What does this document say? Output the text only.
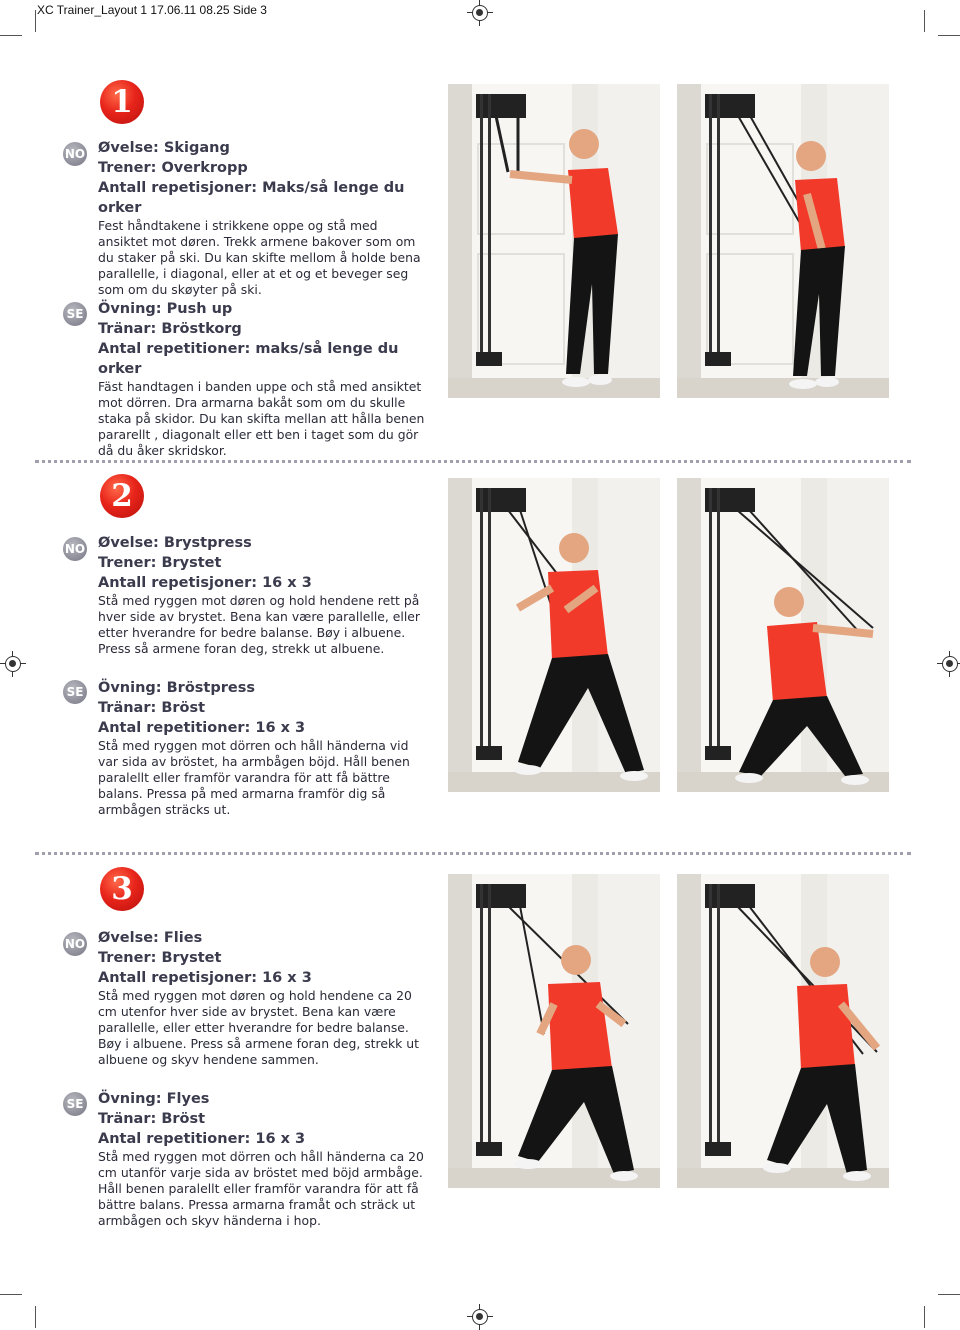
XC Trainer_Layout 1 17.06.11 08.25 Side 3
1
NO Øvelse: Skigang
Trener: Overkropp
Antall repetisjoner: Maks/så lenge du orker
Fest håndtakene i strikkene oppe og stå med ansiktet mot døren. Trekk armene bakover som om du staker på ski. Du kan skifte mellom å holde bena parallelle, i diagonal, eller at et og et beveger seg som om du skøyter på ski.
SE Övning: Push up
Tränar: Bröstkorg
Antal repetitioner: maks/så lenge du orker
Fäst handtagen i banden uppe och stå med ansiktet mot dörren. Dra armarna bakåt som om du skulle staka på skidor. Du kan skifta mellan att hålla benen pararellt , diagonalt eller ett ben i taget som du gör då du åker skridskor.
2
NO Øvelse: Brystpress
Trener: Brystet
Antall repetisjoner: 16 x 3
Stå med ryggen mot døren og hold hendene rett på hver side av brystet. Bena kan være parallelle, eller etter hverandre for bedre balanse. Bøy i albuene. Press så armene foran deg, strekk ut albuene.
SE Övning: Bröstpress
Tränar: Bröst
Antal repetitioner: 16 x 3
Stå med ryggen mot dörren och håll händerna vid var sida av bröstet, ha armbågen böjd. Håll benen paralellt eller framför varandra för att få bättre balans. Pressa på med armarna framför dig så armbågen sträcks ut.
3
NO Øvelse: Flies
Trener: Brystet
Antall repetisjoner: 16 x 3
Stå med ryggen mot døren og hold hendene ca 20 cm utenfor hver side av brystet. Bena kan være parallelle, eller etter hverandre for bedre balanse. Bøy i albuene. Press så armene foran deg, strekk ut albuene og skyv hendene sammen.
SE Övning: Flyes
Tränar: Bröst
Antal repetitioner: 16 x 3
Stå med ryggen mot dörren och håll händerna ca 20 cm utanför varje sida av bröstet med böjd armbåge. Håll benen paralellt eller framför varandra för att få bättre balans. Pressa armarna framåt och sträck ut armbågen och skyv händerna i hop.
